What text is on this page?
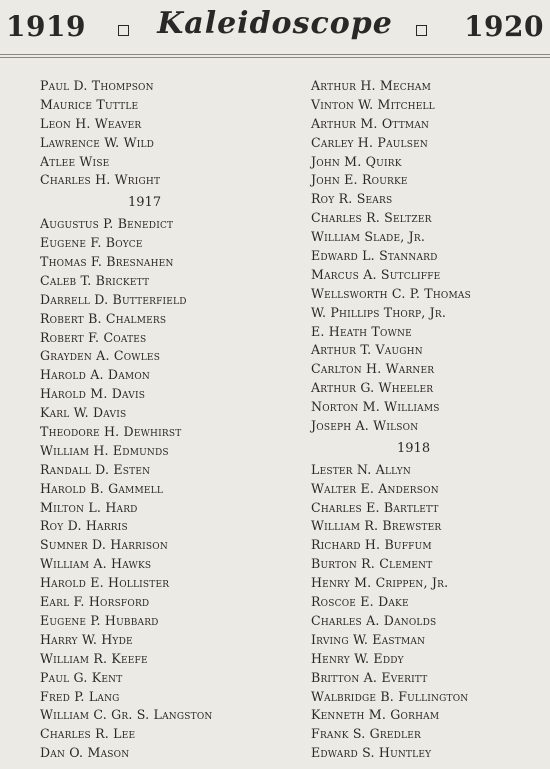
1919	Kaleidoscope	1920
Paul D. Thompson
Maurice Tuttle
Leon H. Weaver
Lawrence W. Wild
Atlee Wise
Charles H. Wright
1917
Augustus P. Benedict
Eugene F. Boyce
Thomas F. Bresnahen
Caleb T. Brickett
Darrell D. Butterfield
Robert B. Chalmers
Robert F. Coates
Grayden A. Cowles
Harold A. Damon
Harold M. Davis
Karl W. Davis
Theodore H. Dewhirst
William H. Edmunds
Randall D. Esten
Harold B. Gammell
Milton L. Hard
Roy D. Harris
Sumner D. Harrison
William A. Hawks
Harold E. Hollister
Earl F. Horsford
Eugene P. Hubbard
Harry W. Hyde
William R. Keefe
Paul G. Kent
Fred P. Lang
William C. Gr. S. Langston
Charles R. Lee
Dan O. Mason
Arthur H. Mecham
Vinton W. Mitchell
Arthur M. Ottman
Carley H. Paulsen
John M. Quirk
John E. Rourke
Roy R. Sears
Charles R. Seltzer
William Slade, Jr.
Edward L. Stannard
Marcus A. Sutcliffe
Wellsworth C. P. Thomas
W. Phillips Thorp, Jr.
E. Heath Towne
Arthur T. Vaughn
Carlton H. Warner
Arthur G. Wheeler
Norton M. Williams
Joseph A. Wilson
1918
Lester N. Allyn
Walter E. Anderson
Charles E. Bartlett
William R. Brewster
Richard H. Buffum
Burton R. Clement
Henry M. Crippen, Jr.
Roscoe E. Dake
Charles A. Danolds
Irving W. Eastman
Henry W. Eddy
Britton A. Everitt
Walbridge B. Fullington
Kenneth M. Gorham
Frank S. Gredler
Edward S. Huntley
